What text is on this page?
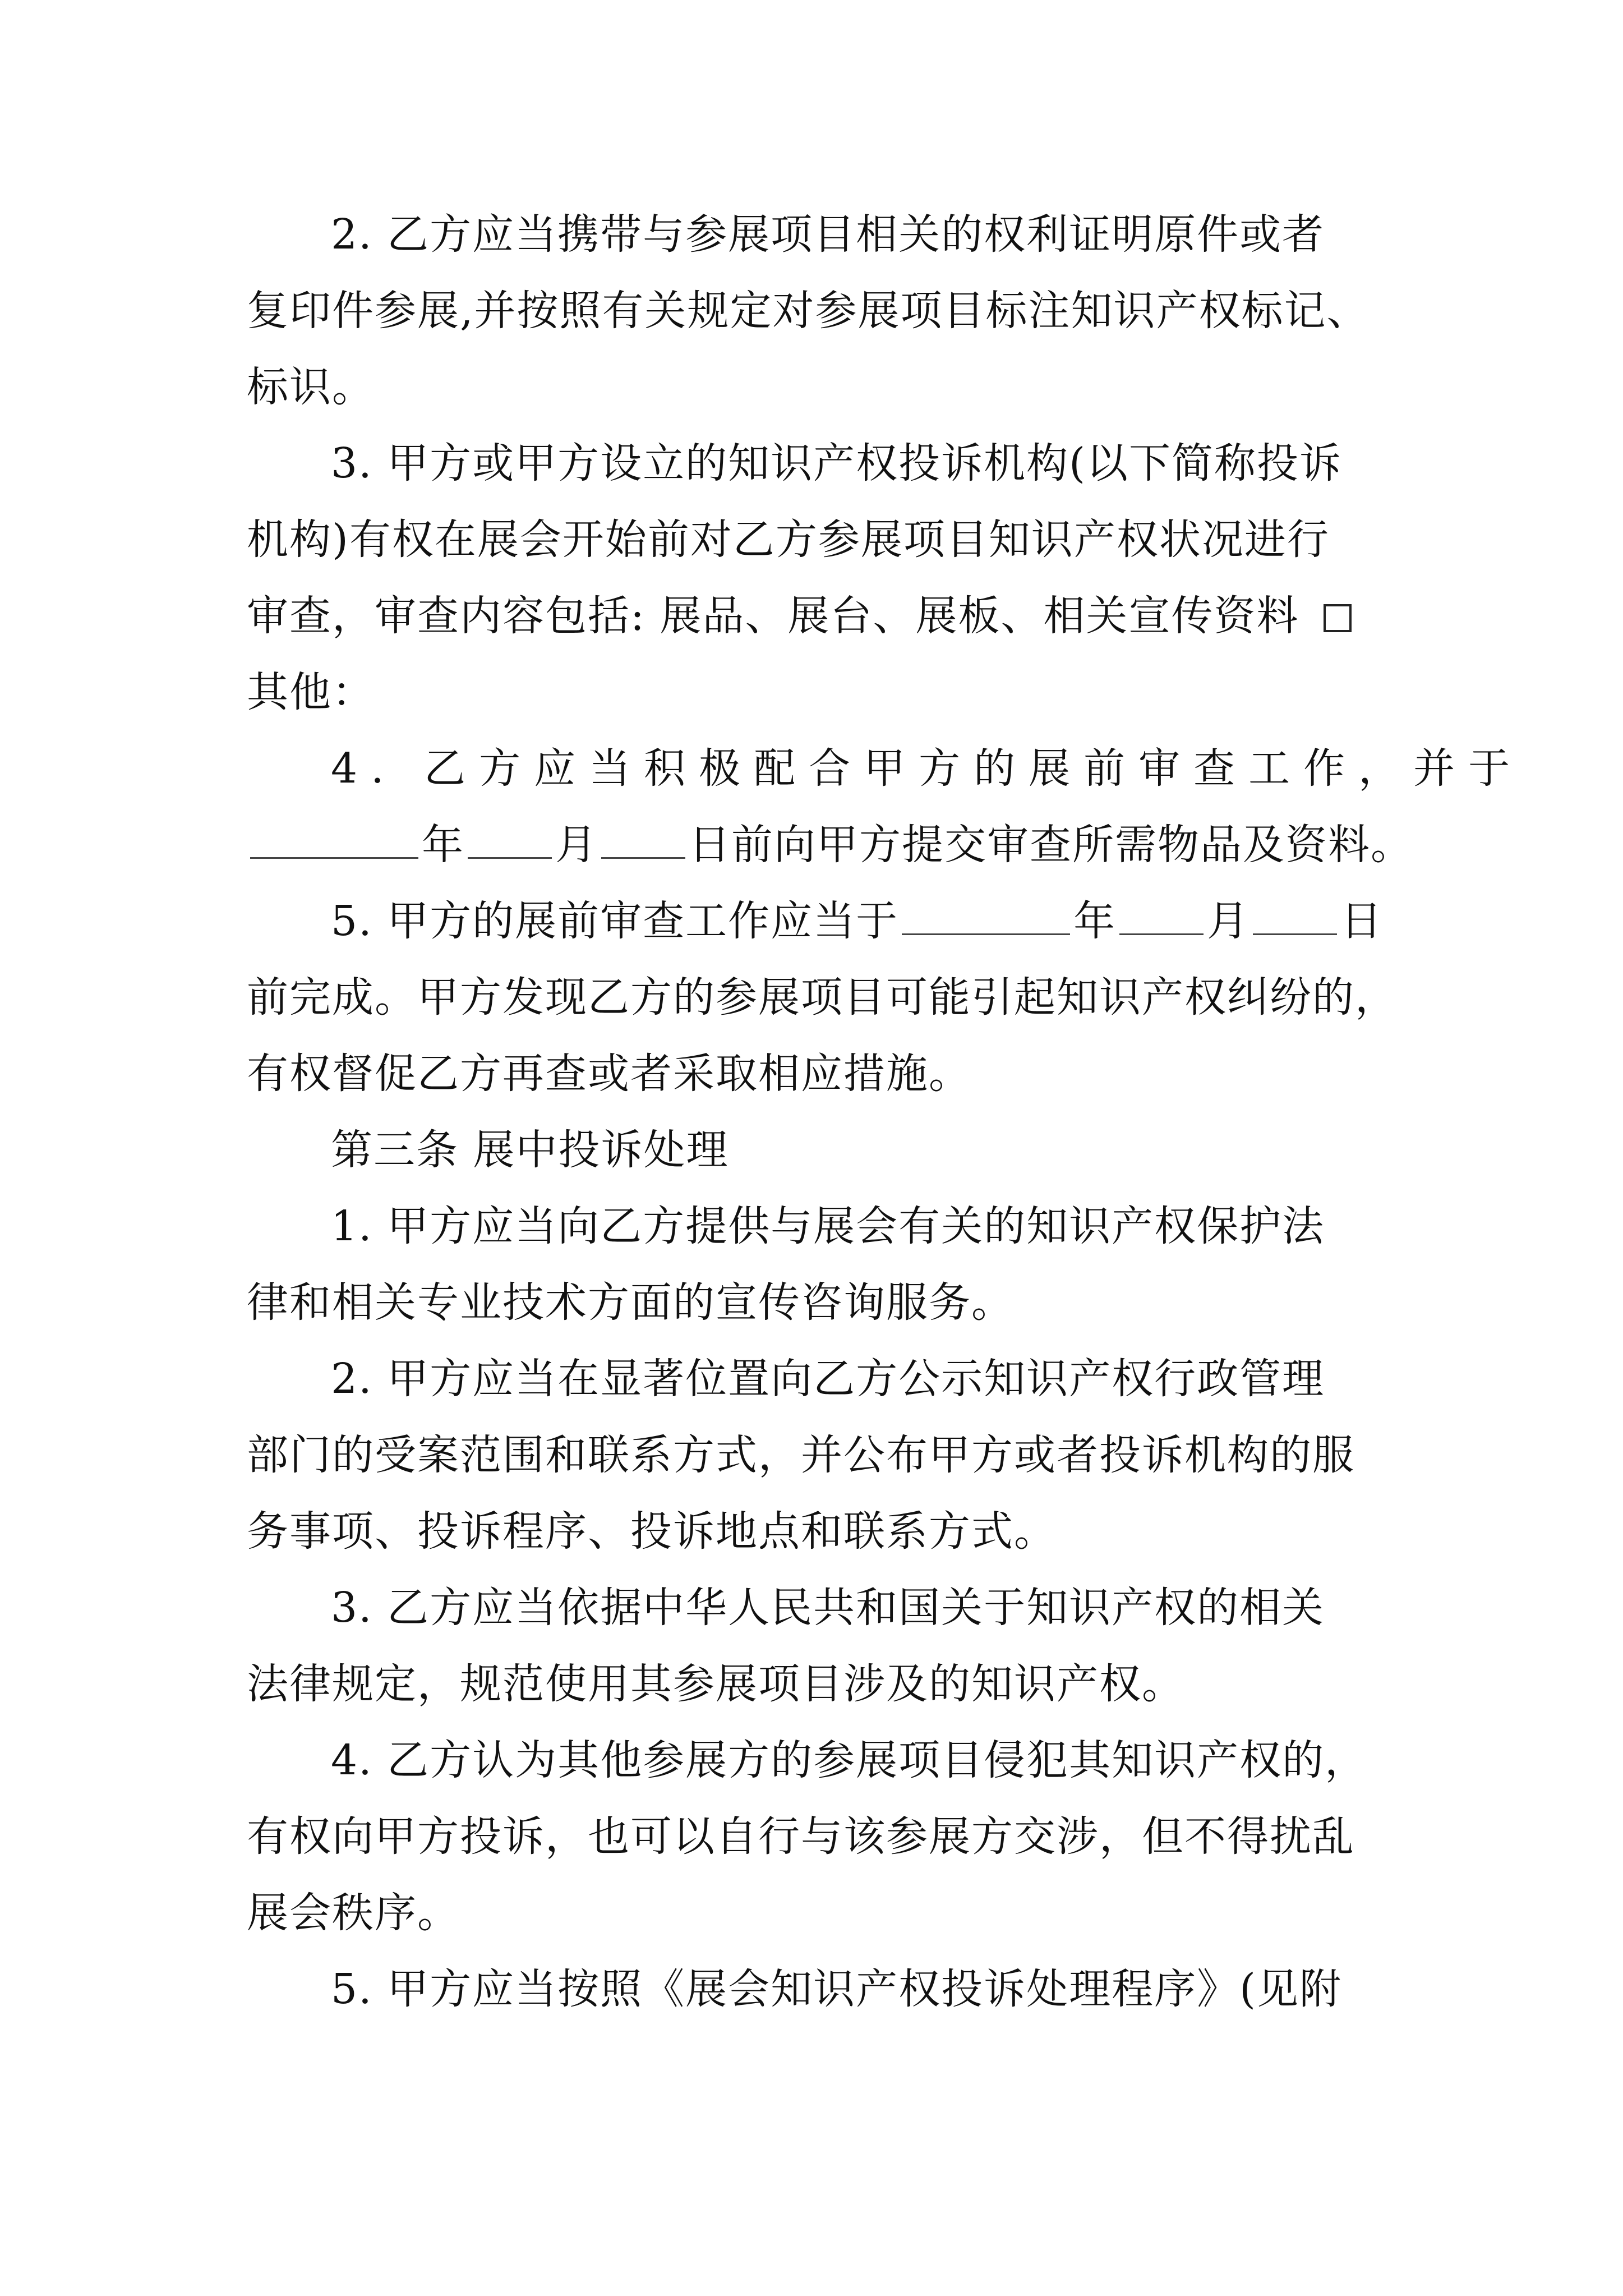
2. 乙方应当携带与参展项目相关的权利证明原件或者
复印件参展,并按照有关规定对参展项目标注知识产权标记、
标识。
3. 甲方或甲方设立的知识产权投诉机构(以下简称投诉
机构)有权在展会开始前对乙方参展项目知识产权状况进行
审查，审查内容包括: 展品、展台、展板、相关宣传资料
其他：
4. 乙方应当积极配合甲方的展前审查工作，并于
年 月 日前向甲方提交审查所需物品及资料。
5. 甲方的展前审查工作应当于	年 月 日
前完成。甲方发现乙方的参展项目可能引起知识产权纠纷的，
有权督促乙方再查或者采取相应措施。
第三条 展中投诉处理
1. 甲方应当向乙方提供与展会有关的知识产权保护法
律和相关专业技术方面的宣传咨询服务。
2. 甲方应当在显著位置向乙方公示知识产权行政管理
部门的受案范围和联系方式，并公布甲方或者投诉机构的服
务事项、投诉程序、投诉地点和联系方式。
3. 乙方应当依据中华人民共和国关于知识产权的相关
法律规定，规范使用其参展项目涉及的知识产权。
4. 乙方认为其他参展方的参展项目侵犯其知识产权的，
有权向甲方投诉，也可以自行与该参展方交涉，但不得扰乱
展会秩序。
5. 甲方应当按照《展会知识产权投诉处理程序》(见附
